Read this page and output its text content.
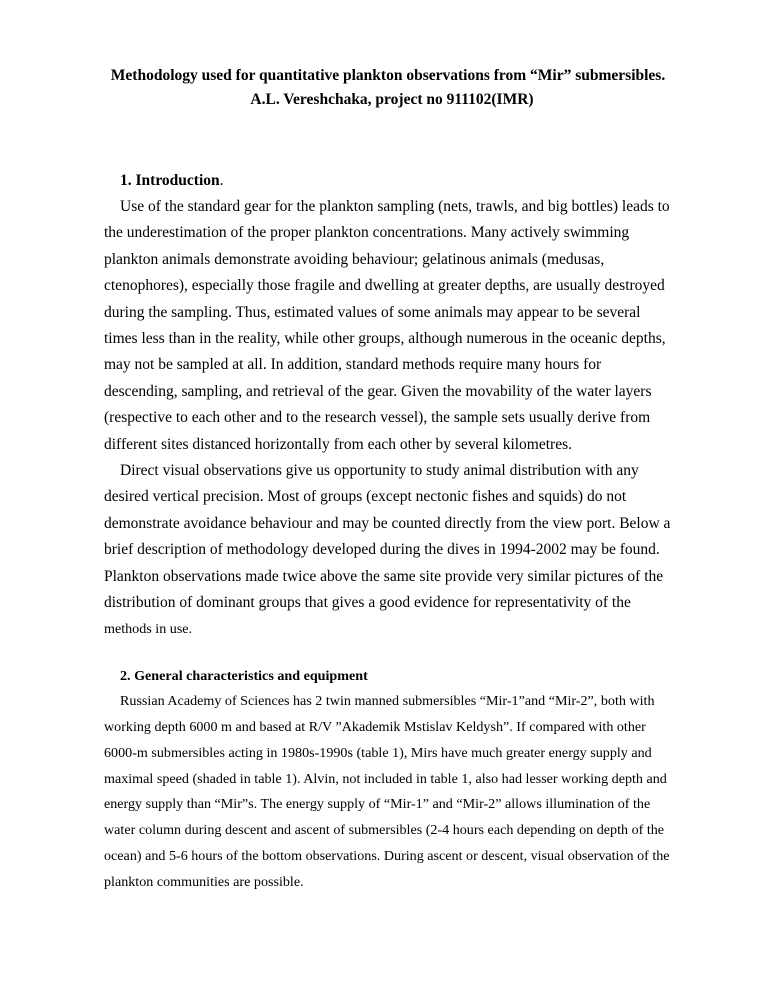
Methodology used for quantitative plankton observations from “Mir” submersibles.
A.L. Vereshchaka, project no 911102(IMR)
1. Introduction.

Use of the standard gear for the plankton sampling (nets, trawls, and big bottles) leads to the underestimation of the proper plankton concentrations. Many actively swimming plankton animals demonstrate avoiding behaviour; gelatinous animals (medusas, ctenophores), especially those fragile and dwelling at greater depths, are usually destroyed during the sampling. Thus, estimated values of some animals may appear to be several times less than in the reality, while other groups, although numerous in the oceanic depths, may not be sampled at all. In addition, standard methods require many hours for descending, sampling, and retrieval of the gear. Given the movability of the water layers (respective to each other and to the research vessel), the sample sets usually derive from different sites distanced horizontally from each other by several kilometres.

Direct visual observations give us opportunity to study animal distribution with any desired vertical precision. Most of groups (except nectonic fishes and squids) do not demonstrate avoidance behaviour and may be counted directly from the view port. Below a brief description of methodology developed during the dives in 1994-2002 may be found. Plankton observations made twice above the same site provide very similar pictures of the distribution of dominant groups that gives a good evidence for representativity of the

methods in use.

2. General characteristics and equipment

Russian Academy of Sciences has 2 twin manned submersibles “Mir-1”and “Mir-2”, both with working depth 6000 m and based at R/V ”Akademik Mstislav Keldysh”. If compared with other 6000-m submersibles acting in 1980s-1990s (table 1), Mirs have much greater energy supply and maximal speed (shaded in table 1). Alvin, not included in table 1, also had lesser working depth and energy supply than “Mir”s. The energy supply of “Mir-1” and “Mir-2” allows illumination of the water column during descent and ascent of submersibles (2-4 hours each depending on depth of the ocean) and 5-6 hours of the bottom observations. During ascent or descent, visual observation of the plankton communities are possible.
